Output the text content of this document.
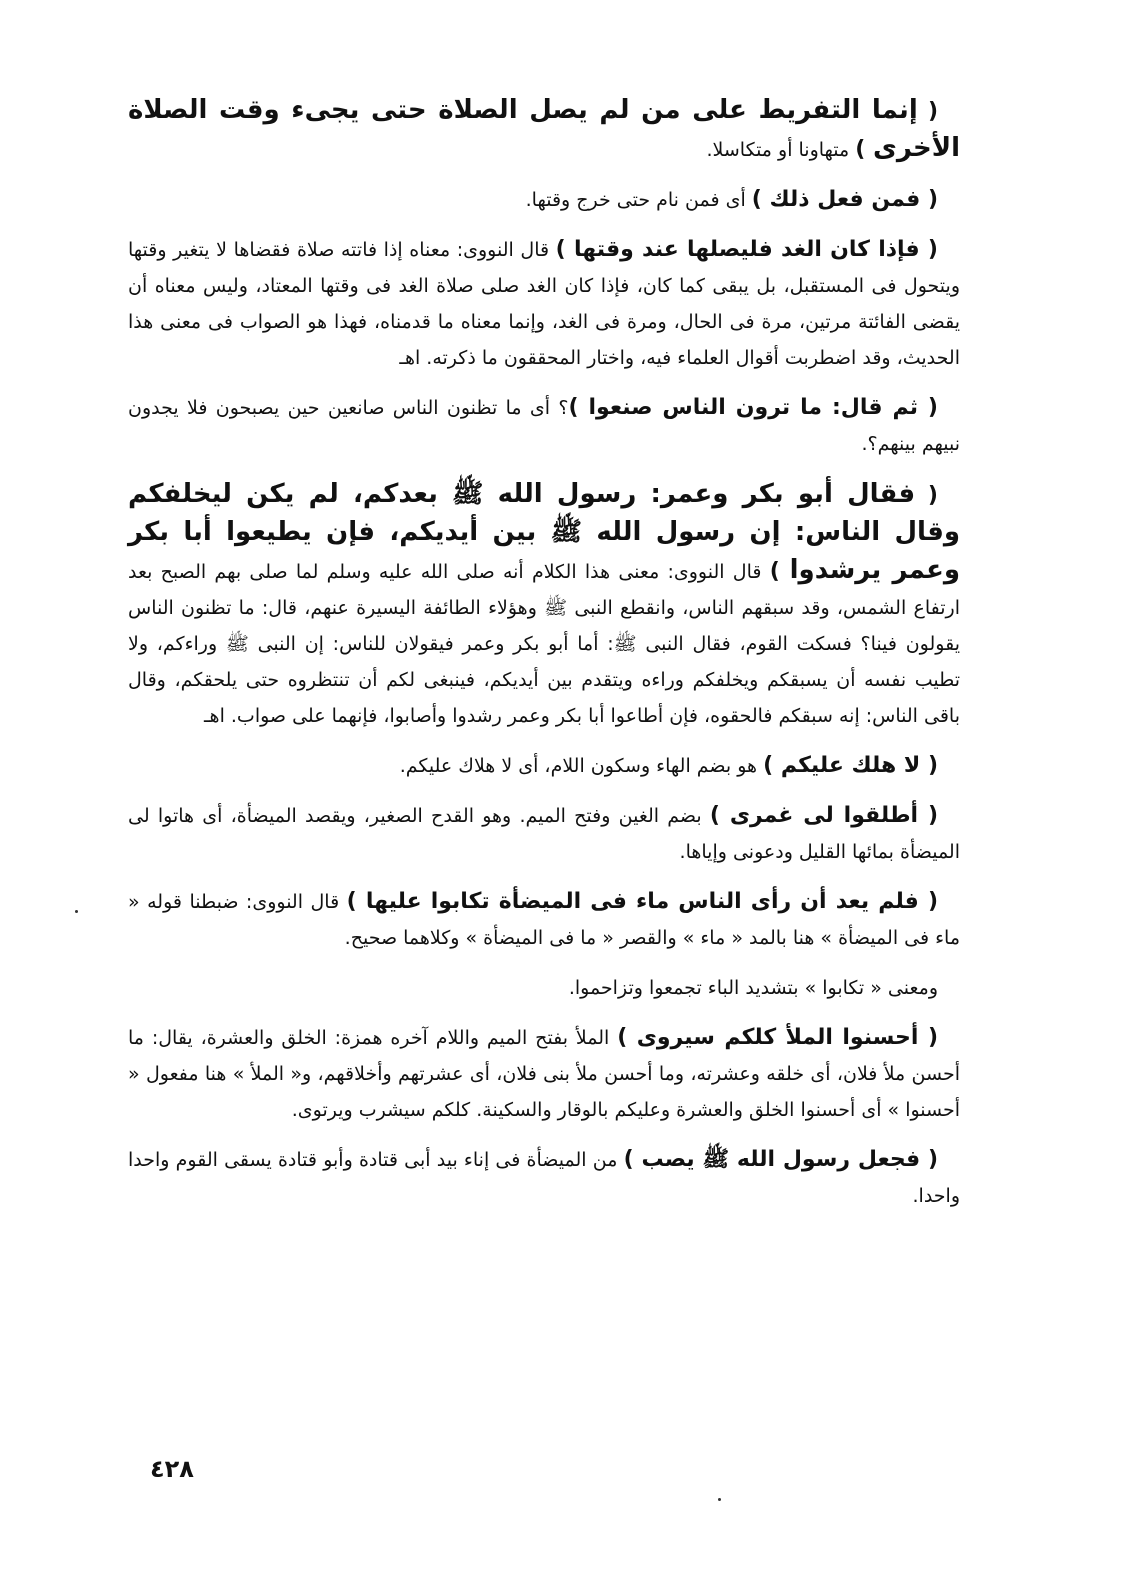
( إنما التفريط على من لم يصل الصلاة حتى يجىء وقت الصلاة الأخرى ) متهاونا أو متكاسلا.

( فمن فعل ذلك ) أى فمن نام حتى خرج وقتها.

( فإذا كان الغد فليصلها عند وقتها ) قال النووى: معناه إذا فاتته صلاة فقضاها لا يتغير وقتها ويتحول فى المستقبل، بل يبقى كما كان، فإذا كان الغد صلى صلاة الغد فى وقتها المعتاد، وليس معناه أن يقضى الفائتة مرتين، مرة فى الحال، ومرة فى الغد، وإنما معناه ما قدمناه، فهذا هو الصواب فى معنى هذا الحديث، وقد اضطربت أقوال العلماء فيه، واختار المحققون ما ذكرته. اهـ

( ثم قال: ما ترون الناس صنعوا )؟ أى ما تظنون الناس صانعين حين يصبحون فلا يجدون نبيهم بينهم؟.

( فقال أبو بكر وعمر: رسول الله ﷺ بعدكم، لم يكن ليخلفكم وقال الناس: إن رسول الله ﷺ بين أيديكم، فإن يطيعوا أبا بكر وعمر يرشدوا ) قال النووى: معنى هذا الكلام أنه صلى الله عليه وسلم لما صلى بهم الصبح بعد ارتفاع الشمس، وقد سبقهم الناس، وانقطع النبى ﷺ وهؤلاء الطائفة اليسيرة عنهم، قال: ما تظنون الناس يقولون فينا؟ فسكت القوم، فقال النبى ﷺ: أما أبو بكر وعمر فيقولان للناس: إن النبى ﷺ وراءكم، ولا تطيب نفسه أن يسبقكم ويخلفكم وراءه ويتقدم بين أيديكم، فينبغى لكم أن تنتظروه حتى يلحقكم، وقال باقى الناس: إنه سبقكم فالحقوه، فإن أطاعوا أبا بكر وعمر رشدوا وأصابوا، فإنهما على صواب. اهـ

( لا هلك عليكم ) هو بضم الهاء وسكون اللام، أى لا هلاك عليكم.

( أطلقوا لى غمرى ) بضم الغين وفتح الميم. وهو القدح الصغير، ويقصد الميضأة، أى هاتوا لى الميضأة بمائها القليل ودعونى وإياها.

( فلم يعد أن رأى الناس ماء فى الميضأة تكابوا عليها ) قال النووى: ضبطنا قوله « ماء فى الميضأة » هنا بالمد « ماء » والقصر « ما فى الميضأة » وكلاهما صحيح.

ومعنى « تكابوا » بتشديد الباء تجمعوا وتزاحموا.

( أحسنوا الملأ كلكم سيروى ) الملأ بفتح الميم واللام آخره همزة: الخلق والعشرة، يقال: ما أحسن ملأ فلان، أى خلقه وعشرته، وما أحسن ملأ بنى فلان، أى عشرتهم وأخلاقهم، و« الملأ » هنا مفعول « أحسنوا » أى أحسنوا الخلق والعشرة وعليكم بالوقار والسكينة. كلكم سيشرب ويرتوى.

( فجعل رسول الله ﷺ يصب ) من الميضأة فى إناء بيد أبى قتادة وأبو قتادة يسقى القوم واحدا واحدا.

٤٢٨
